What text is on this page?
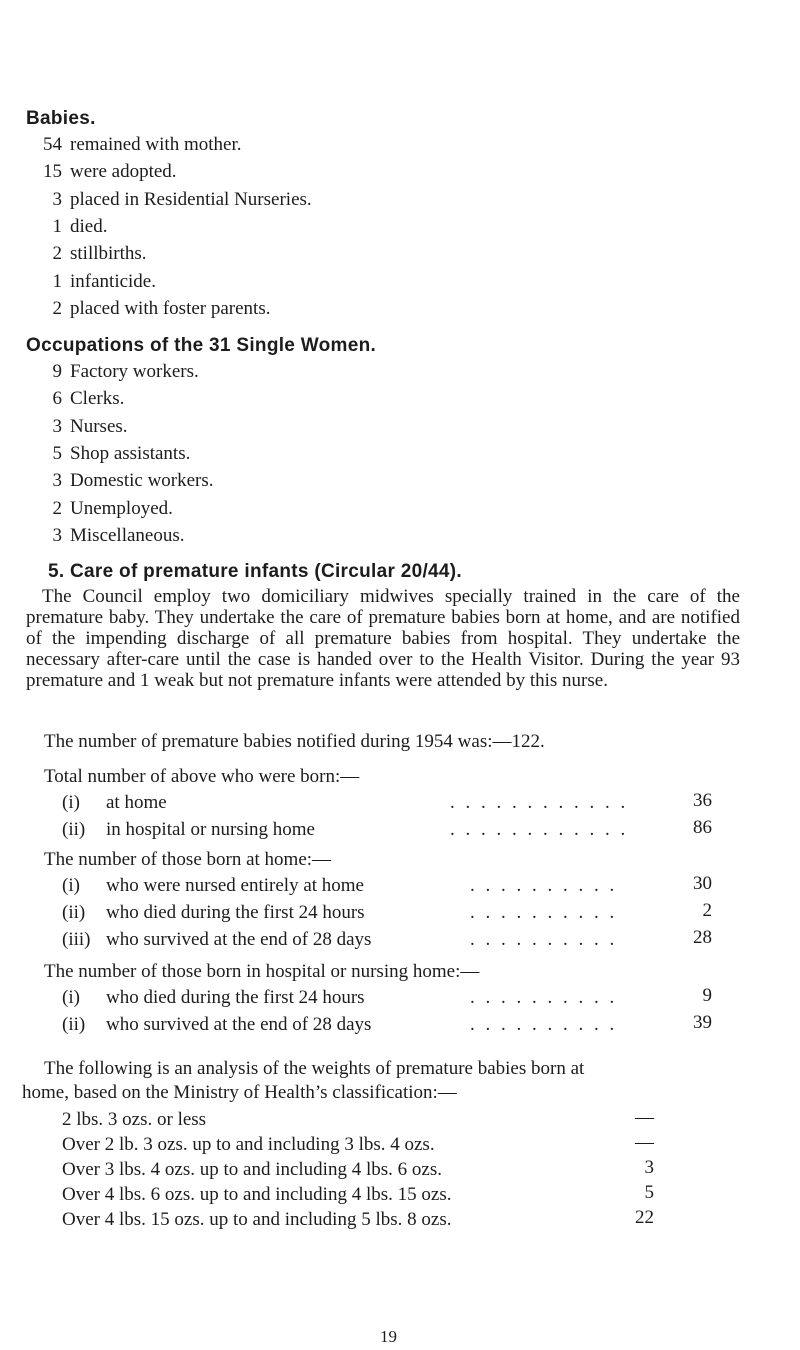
Babies.
54 remained with mother.
15 were adopted.
3 placed in Residential Nurseries.
1 died.
2 stillbirths.
1 infanticide.
2 placed with foster parents.
Occupations of the 31 Single Women.
9 Factory workers.
6 Clerks.
3 Nurses.
5 Shop assistants.
3 Domestic workers.
2 Unemployed.
3 Miscellaneous.
5. Care of premature infants (Circular 20/44).

The Council employ two domiciliary midwives specially trained in the care of the premature baby. They undertake the care of premature babies born at home, and are notified of the impending discharge of all premature babies from hospital. They undertake the necessary after-care until the case is handed over to the Health Visitor. During the year 93 premature and 1 weak but not premature infants were attended by this nurse.

The number of premature babies notified during 1954 was:—122.
Total number of above who were born:—
(i) at home	. . . . . . . . . . . .	36
(ii) in hospital or nursing home	. . . . . . . . . . . .	86
The number of those born at home:—
(i) who were nursed entirely at home	. . . . . . . . . .	30
(ii) who died during the first 24 hours	. . . . . . . . . .	2
(iii) who survived at the end of 28 days	. . . . . . . . . .	28
The number of those born in hospital or nursing home:—
(i) who died during the first 24 hours	. . . . . . . . . .	9
(ii) who survived at the end of 28 days	. . . . . . . . . .	39
The following is an analysis of the weights of premature babies born at
home, based on the Ministry of Health’s classification:—
2 lbs. 3 ozs. or less	—
Over 2 lb. 3 ozs. up to and including 3 lbs. 4 ozs.	—
Over 3 lbs. 4 ozs. up to and including 4 lbs. 6 ozs.	3
Over 4 lbs. 6 ozs. up to and including 4 lbs. 15 ozs.	5
Over 4 lbs. 15 ozs. up to and including 5 lbs. 8 ozs.	22
19
